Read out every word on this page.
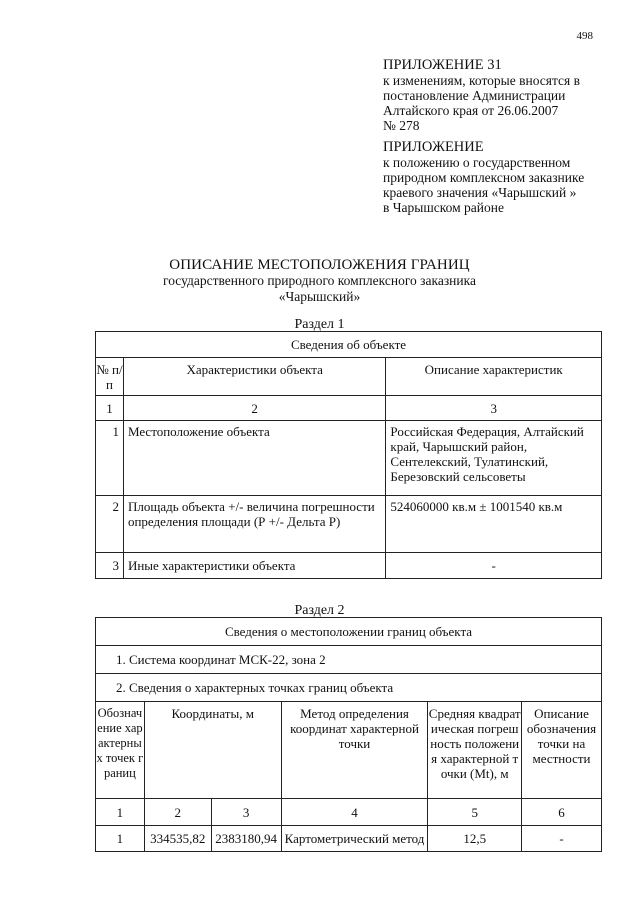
498
ПРИЛОЖЕНИЕ 31
к изменениям, которые вносятся в
постановление Администрации
Алтайского края от 26.06.2007
№ 278
ПРИЛОЖЕНИЕ
к положению о государственном
природном комплексном заказнике
краевого значения «Чарышский »
в Чарышском районе
ОПИСАНИЕ МЕСТОПОЛОЖЕНИЯ ГРАНИЦ
государственного природного комплексного заказника
«Чарышский»
Раздел 1
Сведения об объекте		
№ п/п	Характеристики объекта	Описание характеристик
1	2	3
1	Местоположение объекта	Российская Федерация, Алтайский край, Чарышский район, Сентелекский, Тулатинский, Березовский сельсоветы
2	Площадь объекта +/- величина погрешности определения площади (Р +/- Дельта Р)	524060000 кв.м ± 1001540 кв.м
3	Иные характеристики объекта	-
Раздел 2
Сведения о местоположении границ объекта					
1. Система координат МСК-22, зона 2					
2. Сведения о характерных точках границ объекта					
Обозначение характерных точек границ	Координаты, м		Метод определения координат характерной точки	Средняя квадратическая погрешность положения характерной точки (Mt), м	Описание обозначения точки на местности
1	2	3	4	5	6
1	334535,82	2383180,94	Картометрический метод	12,5	-
